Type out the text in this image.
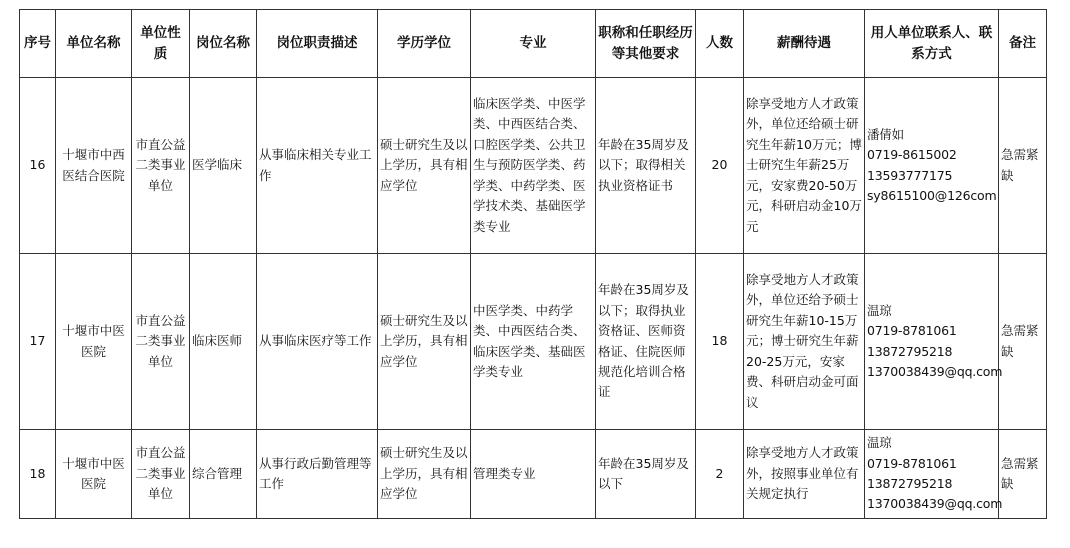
序号	单位名称	单位性质	岗位名称	岗位职责描述	学历学位	专业	职称和任职经历等其他要求	人数	薪酬待遇	用人单位联系人、联系方式	备注
16	十堰市中西医结合医院	市直公益二类事业单位	医学临床	从事临床相关专业工作	硕士研究生及以上学历，具有相应学位	临床医学类、中医学类、中西医结合类、口腔医学类、公共卫生与预防医学类、药学类、中药学类、医学技术类、基础医学类专业	年龄在35周岁及以下；取得相关执业资格证书	20	除享受地方人才政策外，单位还给硕士研究生年薪10万元；博士研究生年薪25万元，安家费20-50万元，科研启动金10万元	潘倩如
0719-8615002
13593777175
sy8615100@126com	急需紧缺
17	十堰市中医医院	市直公益二类事业单位	临床医师	从事临床医疗等工作	硕士研究生及以上学历，具有相应学位	中医学类、中药学类、中西医结合类、临床医学类、基础医学类专业	年龄在35周岁及以下；取得执业资格证、医师资格证、住院医师规范化培训合格证	18	除享受地方人才政策外，单位还给予硕士研究生年薪10-15万元；博士研究生年薪20-25万元，安家费、科研启动金可面议	温琼
0719-8781061
13872795218
1370038439@qq.com	急需紧缺
18	十堰市中医医院	市直公益二类事业单位	综合管理	从事行政后勤管理等工作	硕士研究生及以上学历，具有相应学位	管理类专业	年龄在35周岁及以下	2	除享受地方人才政策外，按照事业单位有关规定执行	温琼
0719-8781061
13872795218
1370038439@qq.com	急需紧缺
